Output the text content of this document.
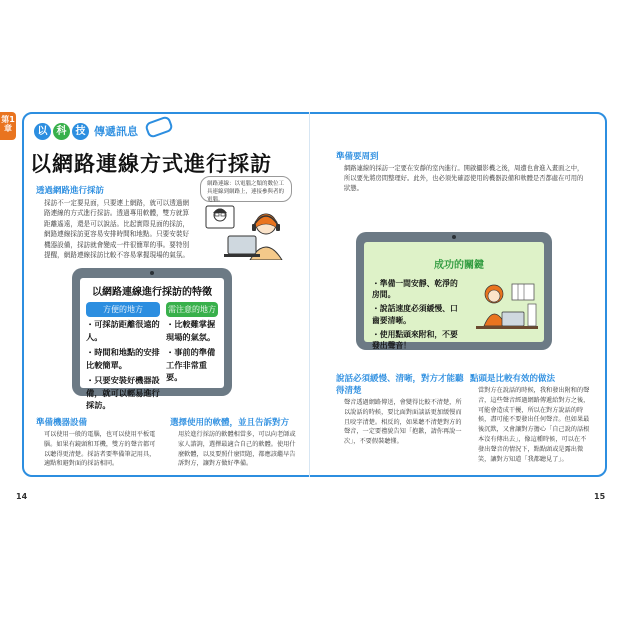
第1章	以 科 技 傳遞訊息
以網路連線方式進行採訪
透過網路進行採訪
採訪不一定要見面，只要連上網路，就可以透過網路連線的方式進行採訪。透過專用軟體，雙方就算距離遙遠，還是可以說話。比起實際見面的採訪，網路連線採訪更容易安排時間和地點。只要安裝好機器設備，採訪就會變成一件很簡單的事。要特別提醒，網路連線採訪比較不容易掌握現場的氣氛。
網路連線：以電腦之類的數位工具連線到網路上，連接參與者的電腦。
以網路連線進行採訪的特徵
方便的地方	需注意的地方
・可採訪距離很遠的人。
・時間和地點的安排比較簡單。
・只要安裝好機器設備，就可以輕易進行採訪。
・比較難掌握現場的氣氛。
・事前的準備工作非常重要。
準備機器設備
可以使用一般的電腦，也可以使用平板電腦。如果有鏡頭和耳機，雙方的聲音都可以聽得更清楚。採訪者要準備筆記用具，適點和避對面的採訪相同。
選擇使用的軟體，並且告訴對方
用於進行採訪的軟體相當多，可以向老師或家人諮詢，選擇最適合自己的軟體。使用什麼軟體，以及要照什麼問題，都應該繼早告訴對方，讓對方做好準備。
14
準備要周到
網路連線的採訪一定要在安靜的室內進行。開啟攝影機之後，周遭也會進入畫面之中，所以要先將房間整理好。此外，也必須先確認使用的機器設備和軟體是否都處在可用的狀態。
成功的關鍵
・準備一間安靜、乾淨的房間。
・說話速度必須緩慢、口齒要清晰。
・使用點頭來附和，不要發出聲音！
說話必須緩慢、清晰，對方才能聽得清楚
聲音透過網路傳送，會變得比較不清楚，所以說話的時候，要比面對面談話更加緩慢而且咬字清楚。相反的，如果聽不清楚對方的聲音，一定要禮貌告知「抱歉，請你再說一次」，不要假裝聽懂。
點頭是比較有效的做法
當對方在說話的時候，我和發出附和的聲音，這些聲音經過網路傳遞給對方之後，可能會造成干擾，所以在對方說話的時候，盡可能不要發出任何聲音。但如果最後沉默，又會讓對方擔心「自己說的話根本沒有傳出去」，像這種時候，可以在不發出聲音的情況下，點點頭或是露出微笑，讓對方知道「我都聽見了」。
15
